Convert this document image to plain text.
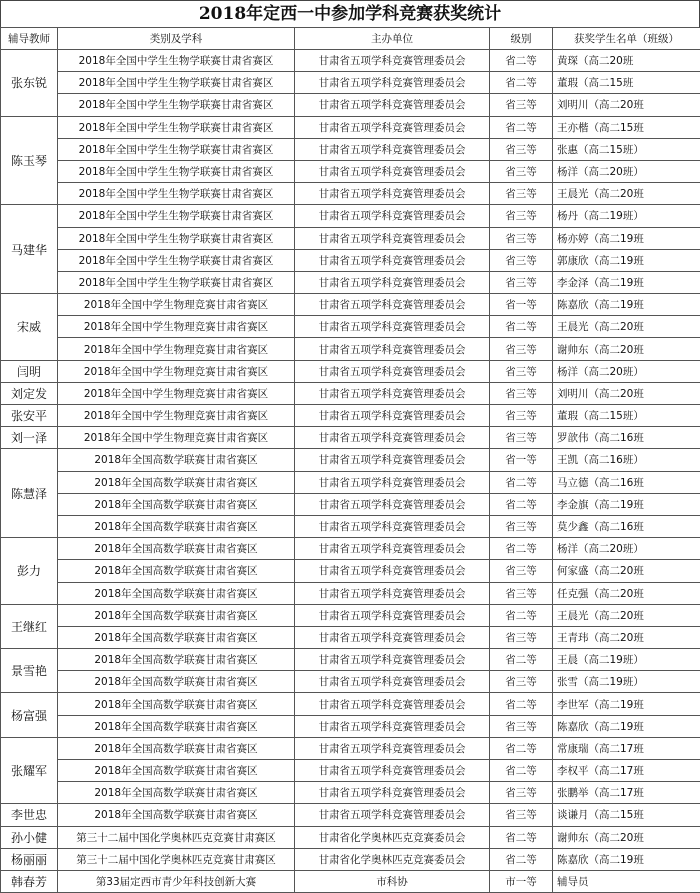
2018年定西一中参加学科竞赛获奖统计
辅导教师	类别及学科	主办单位	级别	获奖学生名单（班级）
张东锐	2018年全国中学生生物学联赛甘肃省赛区	甘肃省五项学科竞赛管理委员会	省二等	黄琛（高二20班
	2018年全国中学生生物学联赛甘肃省赛区	甘肃省五项学科竞赛管理委员会	省二等	董瑕（高二15班
	2018年全国中学生生物学联赛甘肃省赛区	甘肃省五项学科竞赛管理委员会	省三等	刘明川（高二20班
陈玉琴	2018年全国中学生生物学联赛甘肃省赛区	甘肃省五项学科竞赛管理委员会	省二等	王亦楷（高二15班
	2018年全国中学生生物学联赛甘肃省赛区	甘肃省五项学科竞赛管理委员会	省三等	张惠（高二15班）
	2018年全国中学生生物学联赛甘肃省赛区	甘肃省五项学科竞赛管理委员会	省三等	杨洋（高二20班）
	2018年全国中学生生物学联赛甘肃省赛区	甘肃省五项学科竞赛管理委员会	省三等	王晨光（高二20班
马建华	2018年全国中学生生物学联赛甘肃省赛区	甘肃省五项学科竞赛管理委员会	省三等	杨丹（高二19班）
	2018年全国中学生生物学联赛甘肃省赛区	甘肃省五项学科竞赛管理委员会	省三等	杨亦婷（高二19班
	2018年全国中学生生物学联赛甘肃省赛区	甘肃省五项学科竞赛管理委员会	省三等	郭康欣（高二19班
	2018年全国中学生生物学联赛甘肃省赛区	甘肃省五项学科竞赛管理委员会	省三等	李金泽（高二19班
宋威	2018年全国中学生物理竞赛甘肃省赛区	甘肃省五项学科竞赛管理委员会	省一等	陈嘉欣（高二19班
	2018年全国中学生物理竞赛甘肃省赛区	甘肃省五项学科竞赛管理委员会	省二等	王晨光（高二20班
	2018年全国中学生物理竞赛甘肃省赛区	甘肃省五项学科竞赛管理委员会	省三等	谢帅东（高二20班
闫明	2018年全国中学生物理竞赛甘肃省赛区	甘肃省五项学科竞赛管理委员会	省三等	杨洋（高二20班）
刘定发	2018年全国中学生物理竞赛甘肃省赛区	甘肃省五项学科竞赛管理委员会	省三等	刘明川（高二20班
张安平	2018年全国中学生物理竞赛甘肃省赛区	甘肃省五项学科竞赛管理委员会	省三等	董瑕（高二15班）
刘一泽	2018年全国中学生物理竞赛甘肃省赛区	甘肃省五项学科竞赛管理委员会	省三等	罗歆伟（高二16班
陈慧泽	2018年全国高数学联赛甘肃省赛区	甘肃省五项学科竞赛管理委员会	省一等	王凯（高二16班）
	2018年全国高数学联赛甘肃省赛区	甘肃省五项学科竞赛管理委员会	省二等	马立德（高二16班
	2018年全国高数学联赛甘肃省赛区	甘肃省五项学科竞赛管理委员会	省二等	李金旗（高二19班
	2018年全国高数学联赛甘肃省赛区	甘肃省五项学科竞赛管理委员会	省三等	莫少鑫（高二16班
彭力	2018年全国高数学联赛甘肃省赛区	甘肃省五项学科竞赛管理委员会	省二等	杨洋（高二20班）
	2018年全国高数学联赛甘肃省赛区	甘肃省五项学科竞赛管理委员会	省三等	何家盛（高二20班
	2018年全国高数学联赛甘肃省赛区	甘肃省五项学科竞赛管理委员会	省三等	任克强（高二20班
王继红	2018年全国高数学联赛甘肃省赛区	甘肃省五项学科竞赛管理委员会	省二等	王晨光（高二20班
	2018年全国高数学联赛甘肃省赛区	甘肃省五项学科竞赛管理委员会	省三等	王青玮（高二20班
景雪艳	2018年全国高数学联赛甘肃省赛区	甘肃省五项学科竞赛管理委员会	省二等	王晨（高二19班）
	2018年全国高数学联赛甘肃省赛区	甘肃省五项学科竞赛管理委员会	省三等	张雪（高二19班）
杨富强	2018年全国高数学联赛甘肃省赛区	甘肃省五项学科竞赛管理委员会	省二等	李世军（高二19班
	2018年全国高数学联赛甘肃省赛区	甘肃省五项学科竞赛管理委员会	省三等	陈嘉欣（高二19班
张耀军	2018年全国高数学联赛甘肃省赛区	甘肃省五项学科竞赛管理委员会	省二等	常康瑞（高二17班
	2018年全国高数学联赛甘肃省赛区	甘肃省五项学科竞赛管理委员会	省二等	李权平（高二17班
	2018年全国高数学联赛甘肃省赛区	甘肃省五项学科竞赛管理委员会	省三等	张鹏举（高二17班
李世忠	2018年全国高数学联赛甘肃省赛区	甘肃省五项学科竞赛管理委员会	省三等	谈谦月（高二15班
孙小健	第三十二届中国化学奥林匹克竞赛甘肃赛区	甘肃省化学奥林匹克竞赛委员会	省二等	谢帅东（高二20班
杨丽丽	第三十二届中国化学奥林匹克竞赛甘肃赛区	甘肃省化学奥林匹克竞赛委员会	省二等	陈嘉欣（高二19班
韩春芳	第33届定西市青少年科技创新大赛	市科协	市一等	辅导员
